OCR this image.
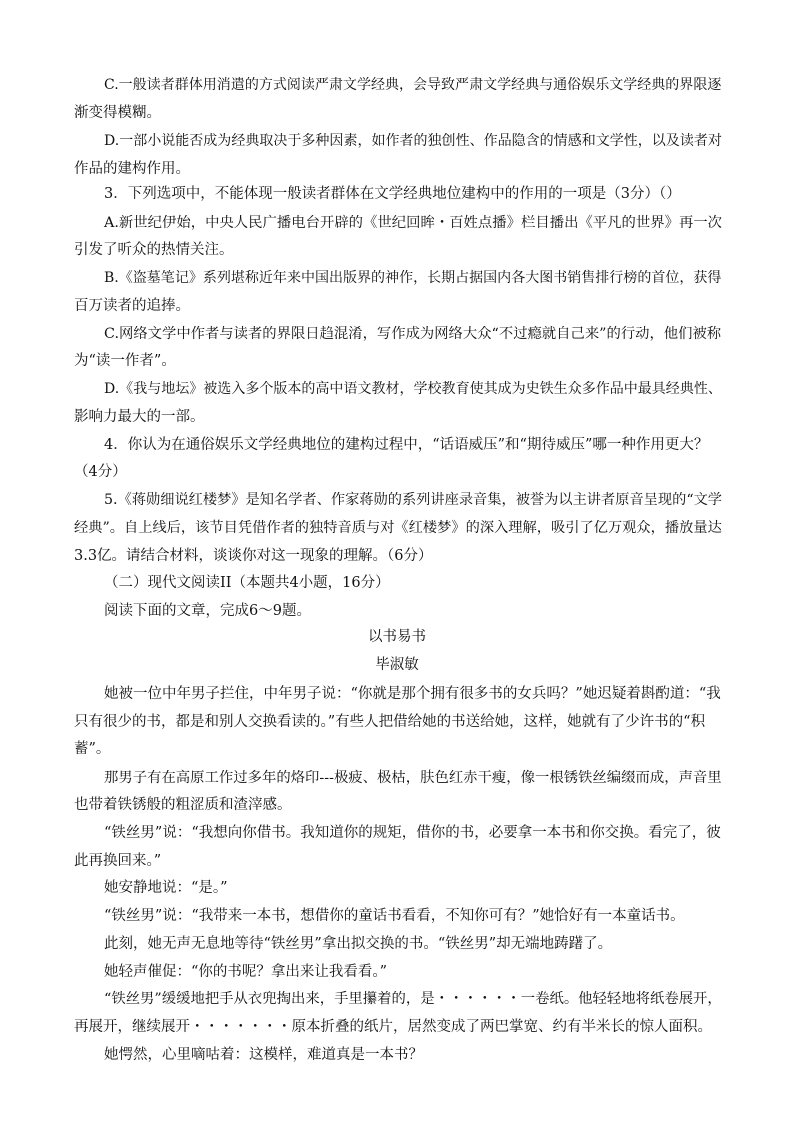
C.一般读者群体用消遣的方式阅读严肃文学经典，会导致严肃文学经典与通俗娱乐文学经典的界限逐
渐变得模糊。
D.一部小说能否成为经典取决于多种因素，如作者的独创性、作品隐含的情感和文学性，以及读者对
作品的建构作用。
3．下列选项中，不能体现一般读者群体在文学经典地位建构中的作用的一项是（3分）（）
A.新世纪伊始，中央人民广播电台开辟的《世纪回眸・百姓点播》栏目播出《平凡的世界》再一次
引发了听众的热情关注。
B.《盗墓笔记》系列堪称近年来中国出版界的神作，长期占据国内各大图书销售排行榜的首位，获得
百万读者的追捧。
C.网络文学中作者与读者的界限日趋混淆，写作成为网络大众“不过瘾就自己来”的行动，他们被称
为“读一作者”。
D.《我与地坛》被选入多个版本的高中语文教材，学校教育使其成为史铁生众多作品中最具经典性、
影响力最大的一部。
4．你认为在通俗娱乐文学经典地位的建构过程中，“话语威压”和“期待威压”哪一种作用更大？
（4分）
5.《蒋勋细说红楼梦》是知名学者、作家蒋勋的系列讲座录音集，被誉为以主讲者原音呈现的“文学
经典”。自上线后，该节目凭借作者的独特音质与对《红楼梦》的深入理解，吸引了亿万观众，播放量达
3.3亿。请结合材料，谈谈你对这一现象的理解。（6分）
（二）现代文阅读II（本题共4小题，16分）
阅读下面的文章，完成6～9题。
以书易书
毕淑敏
她被一位中年男子拦住，中年男子说：“你就是那个拥有很多书的女兵吗？”她迟疑着斟酌道：“我
只有很少的书，都是和别人交换看读的。”有些人把借给她的书送给她，这样，她就有了少许书的“积
蓄”。
那男子有在高原工作过多年的烙印---极疲、极枯，肤色红赤干瘦，像一根锈铁丝编缀而成，声音里
也带着铁锈般的粗涩质和渣滓感。
“铁丝男”说：“我想向你借书。我知道你的规矩，借你的书，必要拿一本书和你交换。看完了，彼
此再换回来。”
她安静地说：“是。”
“铁丝男”说：“我带来一本书，想借你的童话书看看，不知你可有？”她恰好有一本童话书。
此刻，她无声无息地等待“铁丝男”拿出拟交换的书。“铁丝男”却无端地踌躇了。
她轻声催促：“你的书呢？拿出来让我看看。”
“铁丝男”缓缓地把手从衣兜掏出来，手里攥着的，是・・・・・・一卷纸。他轻轻地将纸卷展开，
再展开，继续展开・・・・・・・原本折叠的纸片，居然变成了两巴掌宽、约有半米长的惊人面积。
她愕然，心里嘀咕着：这模样，难道真是一本书？
